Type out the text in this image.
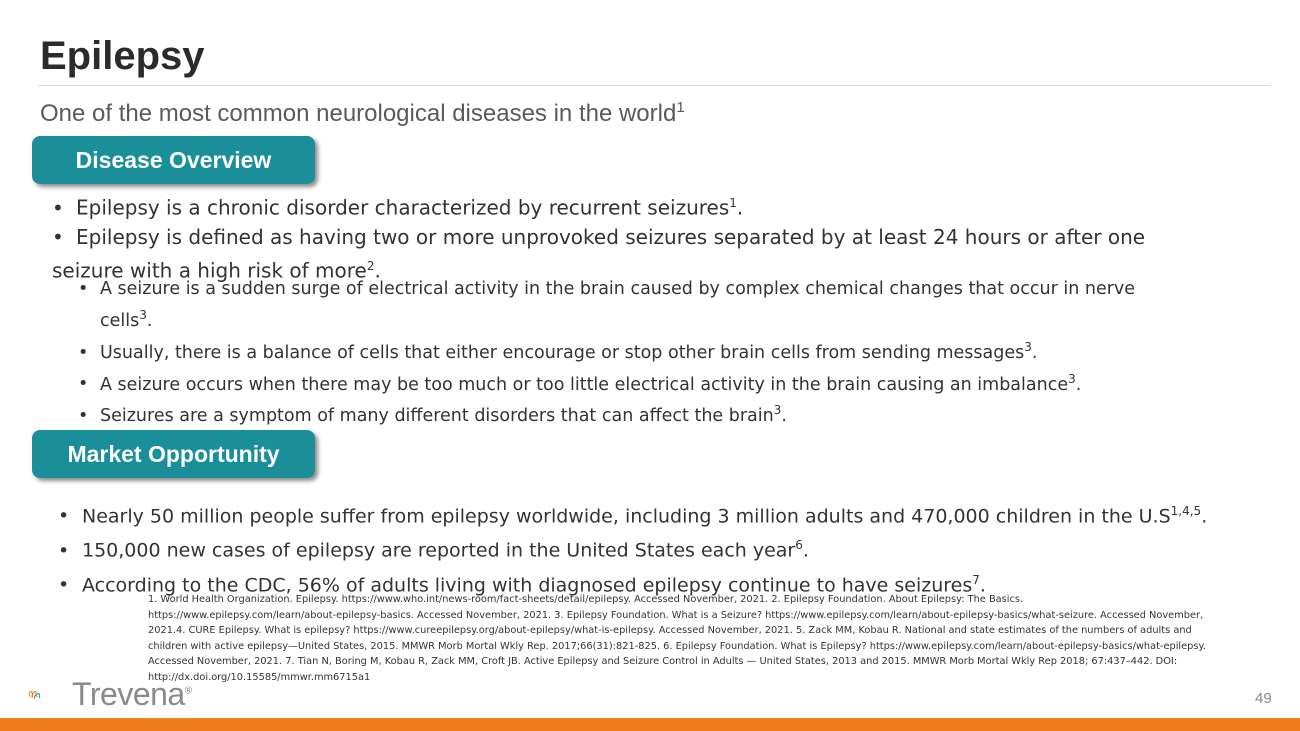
Epilepsy
One of the most common neurological diseases in the world$^1$
Disease Overview
• Epilepsy is a chronic disorder characterized by recurrent seizures$^1$.
• Epilepsy is defined as having two or more unprovoked seizures separated by at least 24 hours or after one
seizure with a high risk of more$^2$.
• A seizure is a sudden surge of electrical activity in the brain caused by complex chemical changes that occur in nerve
cells$^3$.
• Usually, there is a balance of cells that either encourage or stop other brain cells from sending messages$^3$.
• A seizure occurs when there may be too much or too little electrical activity in the brain causing an imbalance$^3$.
• Seizures are a symptom of many different disorders that can affect the brain$^3$.
Market Opportunity
• Nearly 50 million people suffer from epilepsy worldwide, including 3 million adults and 470,000 children in the $U.S^{1,4,5}$.
• 150,000 new cases of epilepsy are reported in the United States each year$^6$.
• According to the CDC, 56% of adults living with diagnosed epilepsy continue to have seizures$^7$.
1. World Health Organization. Epilepsy. https://www.who.int/news-room/fact-sheets/detail/epilepsy. Accessed November, 2021. 2. Epilepsy Foundation. About Epilepsy: The Basics.
https://www.epilepsy.com/learn/about-epilepsy-basics. Accessed November, 2021. 3. Epilepsy Foundation. What is a Seizure? https://www.epilepsy.com/learn/about-epilepsy-basics/what-seizure. Accessed November,
2021.4. CURE Epilepsy. What is epilepsy? https://www.cureepilepsy.org/about-epilepsy/what-is-epilepsy. Accessed November, 2021. 5. Zack MM, Kobau R. National and state estimates of the numbers of adults and
children with active epilepsy—United States, 2015. MMWR Morb Mortal Wkly Rep. 2017;66(31):821-825. 6. Epilepsy Foundation. What is Epilepsy? https://www.epilepsy.com/learn/about-epilepsy-basics/what-epilepsy.
Accessed November, 2021. 7. Tian N, Boring M, Kobau R, Zack MM, Croft JB. Active Epilepsy and Seizure Control in Adults — United States, 2013 and 2015. MMWR Morb Mortal Wkly Rep 2018; 67:437–442. DOI:
http://dx.doi.org/10.15585/mmwr.mm6715a1
Trevena®	49
